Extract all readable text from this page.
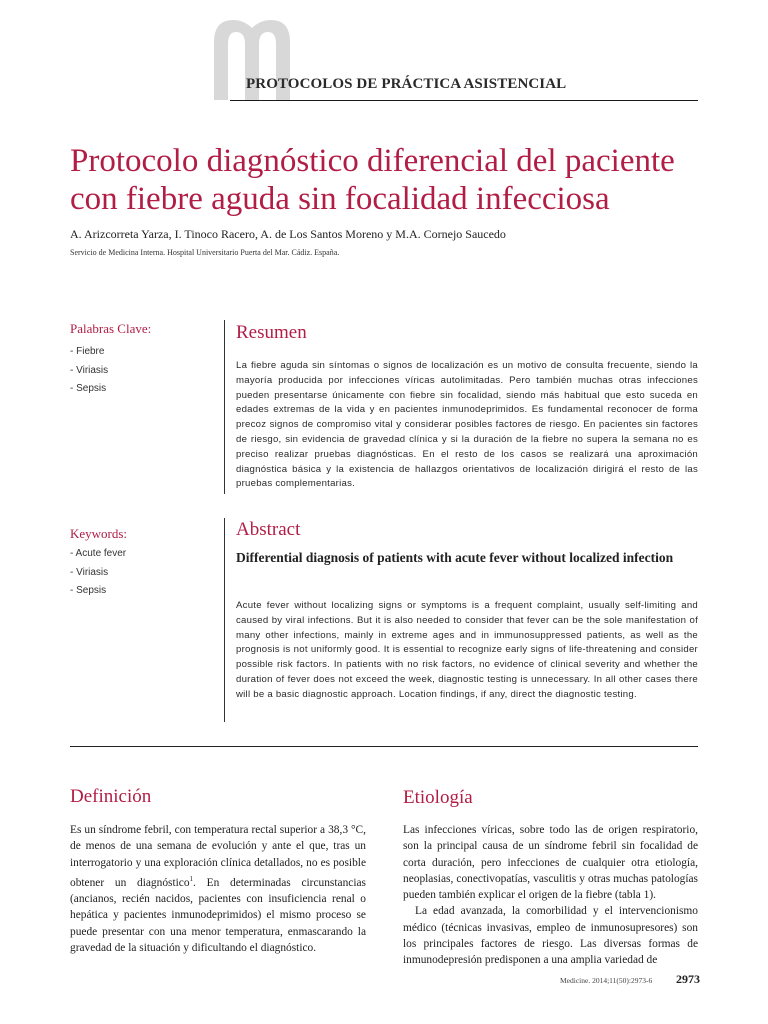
PROTOCOLOS DE PRÁCTICA ASISTENCIAL
Protocolo diagnóstico diferencial del paciente con fiebre aguda sin focalidad infecciosa
A. Arizcorreta Yarza, I. Tinoco Racero, A. de Los Santos Moreno y M.A. Cornejo Saucedo
Servicio de Medicina Interna. Hospital Universitario Puerta del Mar. Cádiz. España.
Palabras Clave:
- Fiebre
- Viriasis
- Sepsis
Resumen
La fiebre aguda sin síntomas o signos de localización es un motivo de consulta frecuente, siendo la mayoría producida por infecciones víricas autolimitadas. Pero también muchas otras infecciones pueden presentarse únicamente con fiebre sin focalidad, siendo más habitual que esto suceda en edades extremas de la vida y en pacientes inmunodeprimidos. Es fundamental reconocer de forma precoz signos de compromiso vital y considerar posibles factores de riesgo. En pacientes sin factores de riesgo, sin evidencia de gravedad clínica y si la duración de la fiebre no supera la semana no es preciso realizar pruebas diagnósticas. En el resto de los casos se realizará una aproximación diagnóstica básica y la existencia de hallazgos orientativos de localización dirigirá el resto de las pruebas complementarias.
Keywords:
- Acute fever
- Viriasis
- Sepsis
Abstract
Differential diagnosis of patients with acute fever without localized infection
Acute fever without localizing signs or symptoms is a frequent complaint, usually self-limiting and caused by viral infections. But it is also needed to consider that fever can be the sole manifestation of many other infections, mainly in extreme ages and in immunosuppressed patients, as well as the prognosis is not uniformly good. It is essential to recognize early signs of life-threatening and consider possible risk factors. In patients with no risk factors, no evidence of clinical severity and whether the duration of fever does not exceed the week, diagnostic testing is unnecessary. In all other cases there will be a basic diagnostic approach. Location findings, if any, direct the diagnostic testing.
Definición

Es un síndrome febril, con temperatura rectal superior a 38,3 °C, de menos de una semana de evolución y ante el que, tras un interrogatorio y una exploración clínica detallados, no es posible obtener un diagnóstico$^1$. En determinadas circunstancias (ancianos, recién nacidos, pacientes con insuficiencia renal o hepática y pacientes inmunodeprimidos) el mismo proceso se puede presentar con una menor temperatura, enmascarando la gravedad de la situación y dificultando el diagnóstico.

Etiología

Las infecciones víricas, sobre todo las de origen respiratorio, son la principal causa de un síndrome febril sin focalidad de corta duración, pero infecciones de cualquier otra etiología, neoplasias, conectivopatías, vasculitis y otras muchas patologías pueden también explicar el origen de la fiebre (tabla 1).

La edad avanzada, la comorbilidad y el intervencionismo médico (técnicas invasivas, empleo de inmunosupresores) son los principales factores de riesgo. Las diversas formas de inmunodepresión predisponen a una amplia variedad de

Medicine. 2014;11(50):2973-6 2973
